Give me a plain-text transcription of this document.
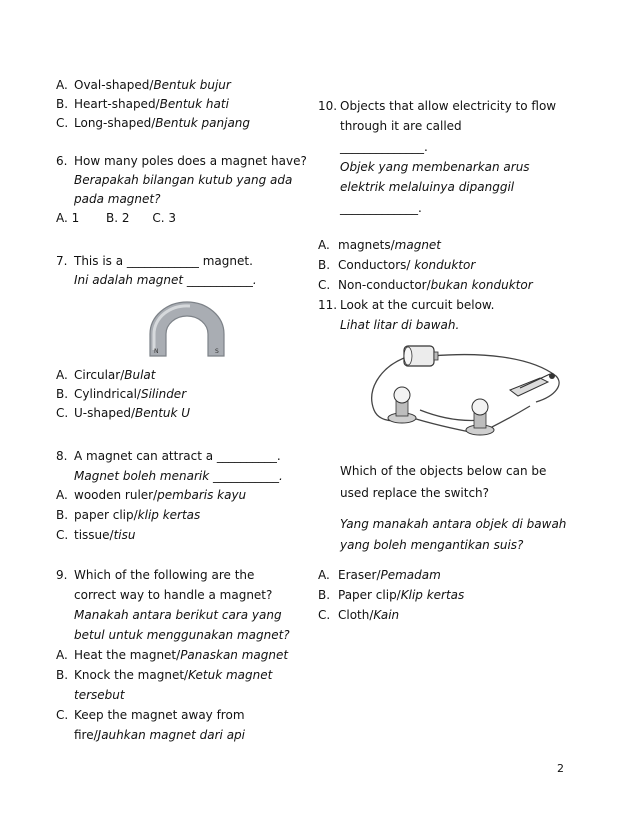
A. Oval-shaped/Bentuk bujur
B. Heart-shaped/Bentuk hati
C. Long-shaped/Bentuk panjang
6. How many poles does a magnet have?
Berapakah bilangan kutub yang ada
pada magnet?
A. 1       B. 2      C. 3
7. This is a ____________ magnet.
Ini adalah magnet ___________.
N	S
A. Circular/Bulat
B. Cylindrical/Silinder
C. U-shaped/Bentuk U
8. A magnet can attract a __________.
Magnet boleh menarik ___________.
A. wooden ruler/pembaris kayu
B. paper clip/klip kertas
C. tissue/tisu
9. Which of the following are the
correct way to handle a magnet?
Manakah antara berikut cara yang
betul untuk menggunakan magnet?
A. Heat the magnet/Panaskan magnet
B. Knock the magnet/Ketuk magnet
tersebut
C. Keep the magnet away from
fire/Jauhkan magnet dari api
10. Objects that allow electricity to flow
through it are called
______________.
Objek yang membenarkan arus
elektrik melaluinya dipanggil
_____________.
A. magnets/magnet
B. Conductors/ konduktor
C. Non-conductor/bukan konduktor
11. Look at the curcuit below.
Lihat litar di bawah.
Which of the objects below can be
used replace the switch?
Yang manakah antara objek di bawah
yang boleh mengantikan suis?
A. Eraser/Pemadam
B. Paper clip/Klip kertas
C. Cloth/Kain
2
